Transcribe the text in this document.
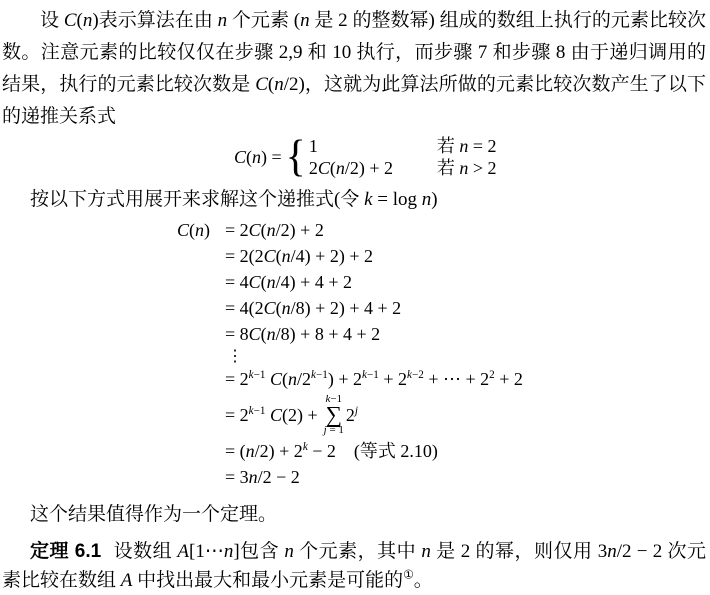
设 C(n)表示算法在由 n 个元素 (n 是 2 的整数幂) 组成的数组上执行的元素比较次数。注意元素的比较仅仅在步骤 2,9 和 10 执行，而步骤 7 和步骤 8 由于递归调用的结果，执行的元素比较次数是 C(n/2)，这就为此算法所做的元素比较次数产生了以下的递推关系式

C(n) = { 1	若 n = 2
2C(n/2) + 2	若 n > 2

按以下方式用展开来求解这个递推式(令 k = log n)

C(n) = 2C(n/2) + 2
= 2(2C(n/4) + 2) + 2
= 4C(n/4) + 4 + 2
= 4(2C(n/8) + 2) + 4 + 2
= 8C(n/8) + 8 + 4 + 2
⋮
= $2^{k-1}$ $C(n/2^{k-1}) + 2^{k-1} + 2^{k-2}$ + ⋯ + $2^2 + 2$
= $2^{k-1}$ C(2) +
k−1
∑
j = 1
$2^j$
= $(n/2) + 2^k - 2$ (等式 2.10)
= 3n/2 − 2

这个结果值得作为一个定理。

定理 6.1 设数组 A[1⋯n]包含 n 个元素，其中 n 是 2 的幂，则仅用 3n/2 − 2 次元素比较在数组 A 中找出最大和最小元素是可能的①。
